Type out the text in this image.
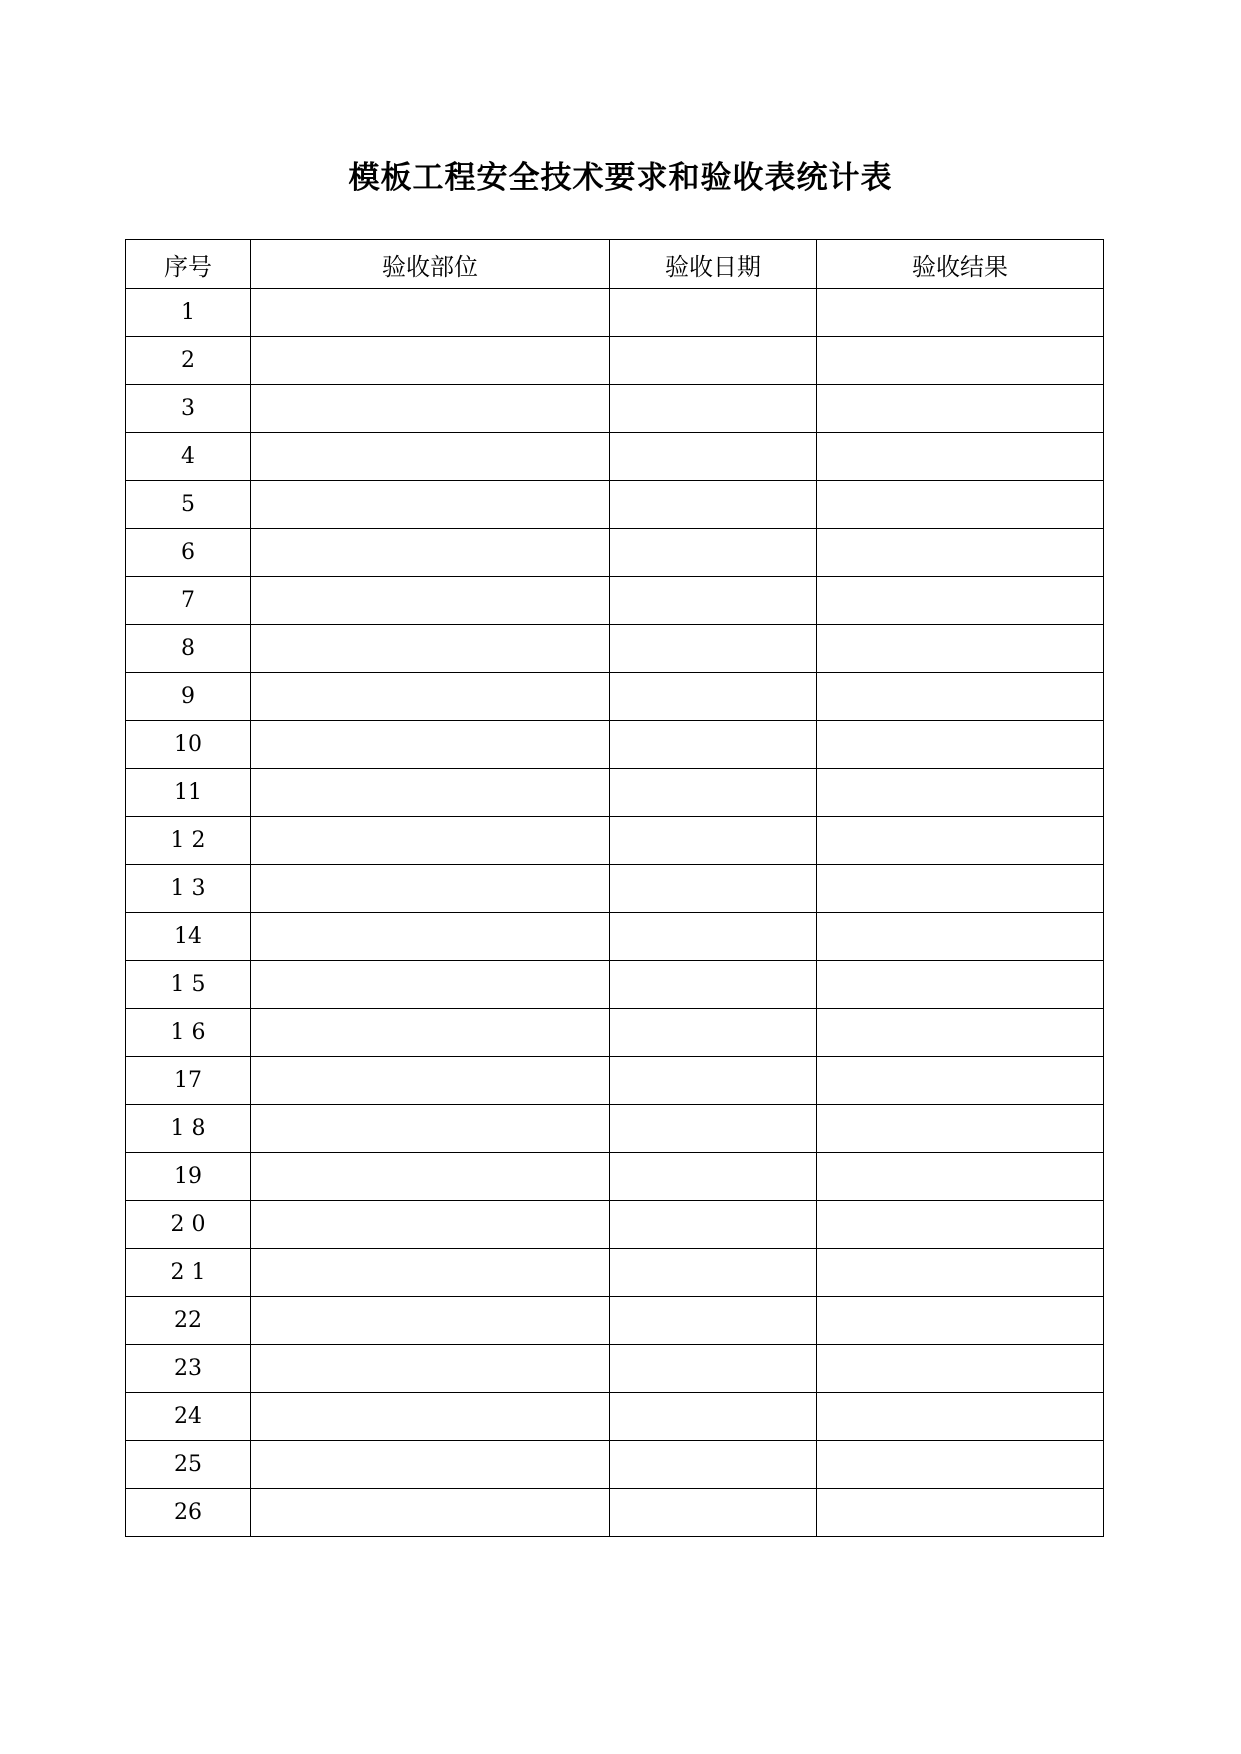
模板工程安全技术要求和验收表统计表
序号	验收部位	验收日期	验收结果
1			
2			
3			
4			
5			
6			
7			
8			
9			
10			
11			
1 2			
1 3			
14			
1 5			
1 6			
17			
1 8			
19			
2 0			
2 1			
22			
23			
24			
25			
26			
